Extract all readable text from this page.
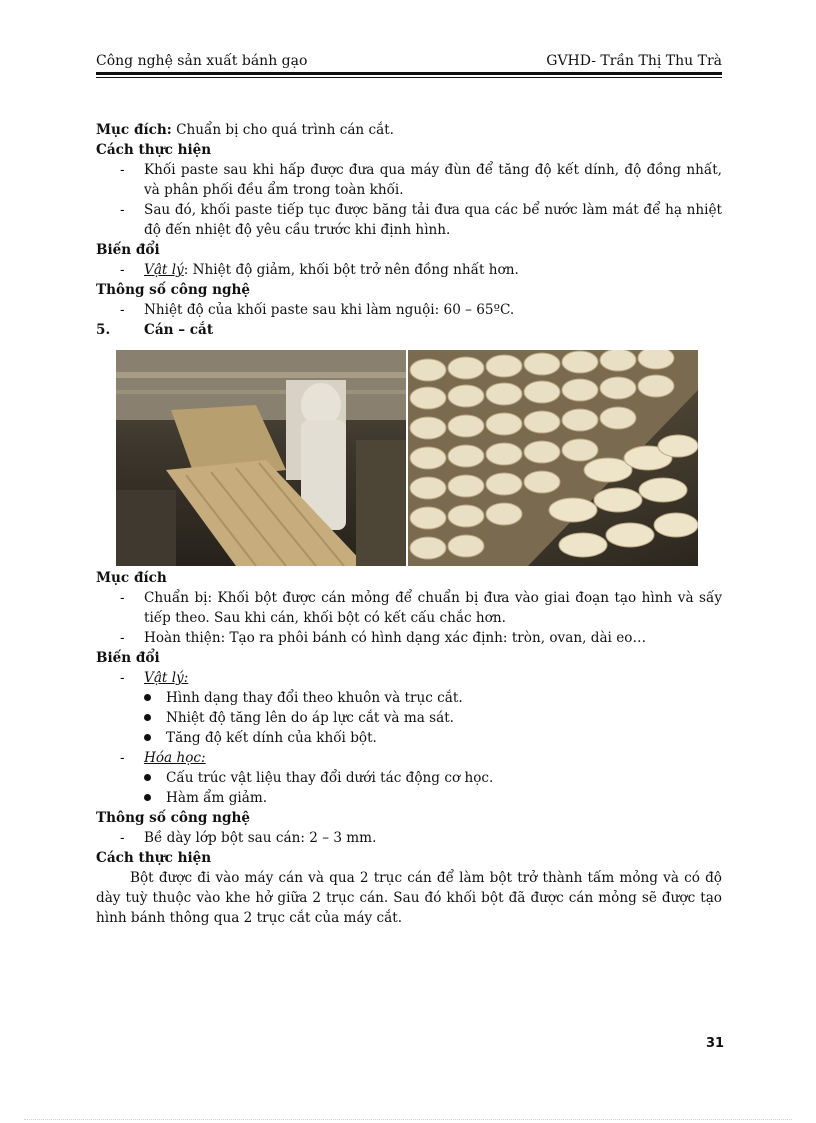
Công nghệ sản xuất bánh gạo	GVHD- Trần Thị Thu Trà

Mục đích: Chuẩn bị cho quá trình cán cắt.

Cách thực hiện

- Khối paste sau khi hấp được đưa qua máy đùn để tăng độ kết dính, độ đồng nhất, và phân phối đều ẩm trong toàn khối.
- Sau đó, khối paste tiếp tục được băng tải đưa qua các bể nước làm mát để hạ nhiệt độ đến nhiệt độ yêu cầu trước khi định hình.

Biến đổi

- Vật lý: Nhiệt độ giảm, khối bột trở nên đồng nhất hơn.

Thông số công nghệ

- Nhiệt độ của khối paste sau khi làm nguội: 60 – 65ºC.
5. Cán – cắt

Mục đích

- Chuẩn bị: Khối bột được cán mỏng để chuẩn bị đưa vào giai đoạn tạo hình và sấy tiếp theo. Sau khi cán, khối bột có kết cấu chắc hơn.
- Hoàn thiện: Tạo ra phôi bánh có hình dạng xác định: tròn, ovan, dài eo…

Biến đổi

- Vật lý:
Hình dạng thay đổi theo khuôn và trục cắt.
Nhiệt độ tăng lên do áp lực cắt và ma sát.
Tăng độ kết dính của khối bột.
- Hóa học:
Cấu trúc vật liệu thay đổi dưới tác động cơ học.
Hàm ẩm giảm.

Thông số công nghệ

- Bề dày lớp bột sau cán: 2 – 3 mm.

Cách thực hiện

Bột được đi vào máy cán và qua 2 trục cán để làm bột trở thành tấm mỏng và có độ dày tuỳ thuộc vào khe hở giữa 2 trục cán. Sau đó khối bột đã được cán mỏng sẽ được tạo hình bánh thông qua 2 trục cắt của máy cắt.

31
